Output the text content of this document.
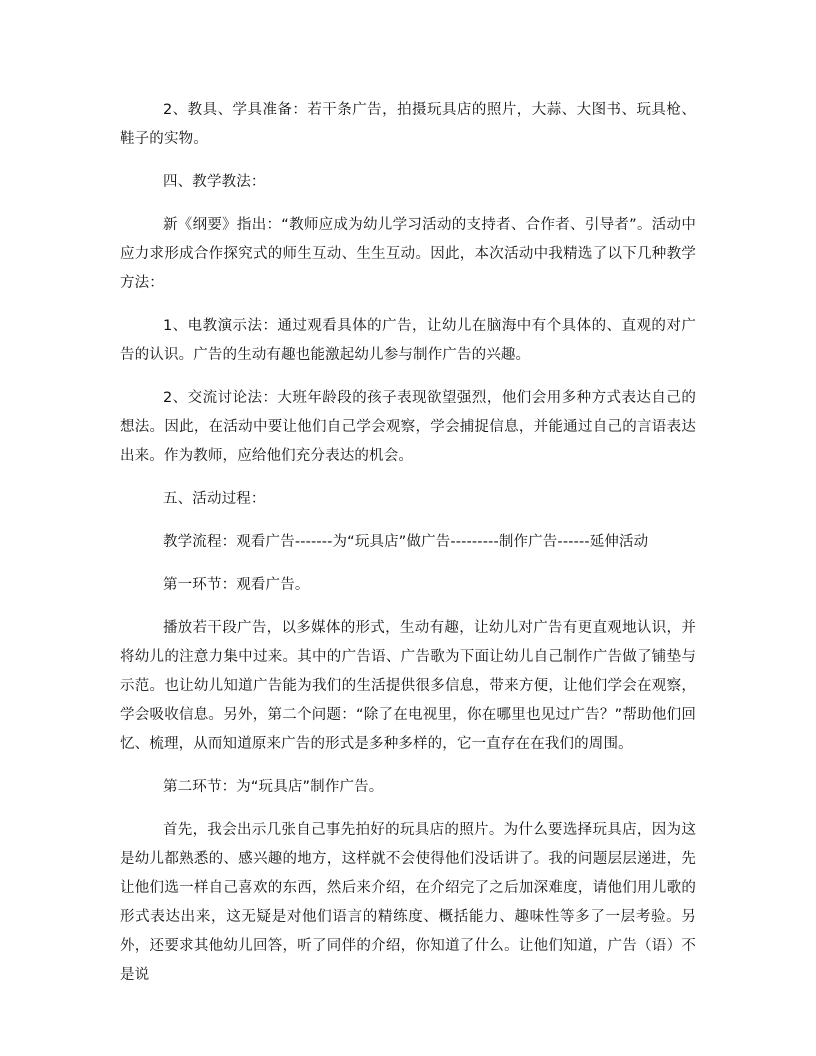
2、教具、学具准备：若干条广告，拍摄玩具店的照片，大蒜、大图书、玩具枪、鞋子的实物。

四、教学教法：

新《纲要》指出：“教师应成为幼儿学习活动的支持者、合作者、引导者”。活动中应力求形成合作探究式的师生互动、生生互动。因此，本次活动中我精选了以下几种教学方法：

1、电教演示法：通过观看具体的广告，让幼儿在脑海中有个具体的、直观的对广告的认识。广告的生动有趣也能激起幼儿参与制作广告的兴趣。

2、交流讨论法：大班年龄段的孩子表现欲望强烈，他们会用多种方式表达自己的想法。因此，在活动中要让他们自己学会观察，学会捕捉信息，并能通过自己的言语表达出来。作为教师，应给他们充分表达的机会。

五、活动过程：

教学流程：观看广告-------为“玩具店”做广告---------制作广告------延伸活动

第一环节：观看广告。

播放若干段广告，以多媒体的形式，生动有趣，让幼儿对广告有更直观地认识，并将幼儿的注意力集中过来。其中的广告语、广告歌为下面让幼儿自己制作广告做了铺垫与示范。也让幼儿知道广告能为我们的生活提供很多信息，带来方便，让他们学会在观察，学会吸收信息。另外，第二个问题：“除了在电视里，你在哪里也见过广告？”帮助他们回忆、梳理，从而知道原来广告的形式是多种多样的，它一直存在在我们的周围。

第二环节：为“玩具店”制作广告。

首先，我会出示几张自己事先拍好的玩具店的照片。为什么要选择玩具店，因为这是幼儿都熟悉的、感兴趣的地方，这样就不会使得他们没话讲了。我的问题层层递进，先让他们选一样自己喜欢的东西，然后来介绍，在介绍完了之后加深难度，请他们用儿歌的形式表达出来，这无疑是对他们语言的精练度、概括能力、趣味性等多了一层考验。另外，还要求其他幼儿回答，听了同伴的介绍，你知道了什么。让他们知道，广告（语）不是说
